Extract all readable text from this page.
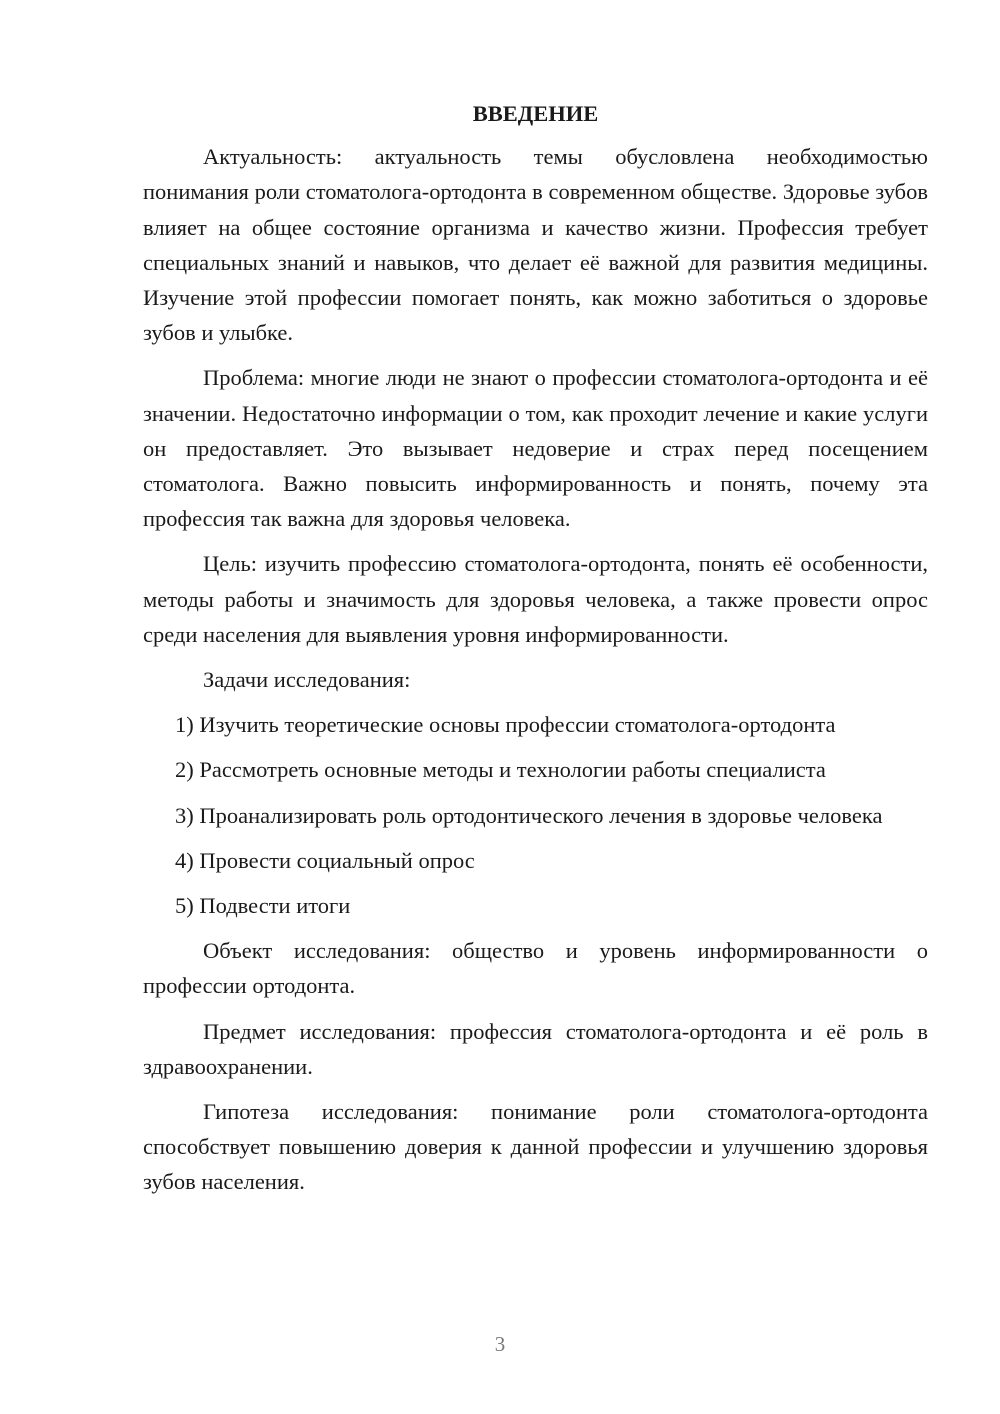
ВВЕДЕНИЕ

Актуальность: актуальность темы обусловлена необходимостью понимания роли стоматолога-ортодонта в современном обществе. Здоровье зубов влияет на общее состояние организма и качество жизни. Профессия требует специальных знаний и навыков, что делает её важной для развития медицины. Изучение этой профессии помогает понять, как можно заботиться о здоровье зубов и улыбке.

Проблема: многие люди не знают о профессии стоматолога-ортодонта и её значении. Недостаточно информации о том, как проходит лечение и какие услуги он предоставляет. Это вызывает недоверие и страх перед посещением стоматолога. Важно повысить информированность и понять, почему эта профессия так важна для здоровья человека.

Цель: изучить профессию стоматолога-ортодонта, понять её особенности, методы работы и значимость для здоровья человека, а также провести опрос среди населения для выявления уровня информированности.

Задачи исследования:

1) Изучить теоретические основы профессии стоматолога-ортодонта

2) Рассмотреть основные методы и технологии работы специалиста

3) Проанализировать роль ортодонтического лечения в здоровье человека

4) Провести социальный опрос

5) Подвести итоги

Объект исследования: общество и уровень информированности о профессии ортодонта.

Предмет исследования: профессия стоматолога-ортодонта и её роль в здравоохранении.

Гипотеза исследования: понимание роли стоматолога-ортодонта способствует повышению доверия к данной профессии и улучшению здоровья зубов населения.

3
